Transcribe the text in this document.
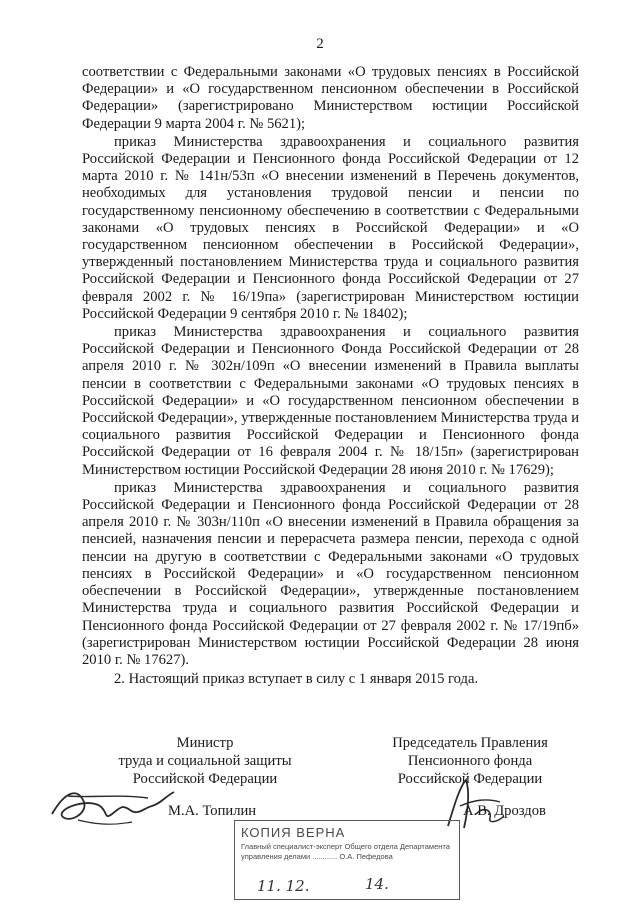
2

соответствии с Федеральными законами «О трудовых пенсиях в Российской Федерации» и «О государственном пенсионном обеспечении в Российской Федерации» (зарегистрировано Министерством юстиции Российской Федерации 9 марта 2004 г. № 5621);

приказ Министерства здравоохранения и социального развития Российской Федерации и Пенсионного фонда Российской Федерации от 12 марта 2010 г. № 141н/53п «О внесении изменений в Перечень документов, необходимых для установления трудовой пенсии и пенсии по государственному пенсионному обеспечению в соответствии с Федеральными законами «О трудовых пенсиях в Российской Федерации» и «О государственном пенсионном обеспечении в Российской Федерации», утвержденный постановлением Министерства труда и социального развития Российской Федерации и Пенсионного фонда Российской Федерации от 27 февраля 2002 г. № 16/19па» (зарегистрирован Министерством юстиции Российской Федерации 9 сентября 2010 г. № 18402);

приказ Министерства здравоохранения и социального развития Российской Федерации и Пенсионного Фонда Российской Федерации от 28 апреля 2010 г. № 302н/109п «О внесении изменений в Правила выплаты пенсии в соответствии с Федеральными законами «О трудовых пенсиях в Российской Федерации» и «О государственном пенсионном обеспечении в Российской Федерации», утвержденные постановлением Министерства труда и социального развития Российской Федерации и Пенсионного фонда Российской Федерации от 16 февраля 2004 г. № 18/15п» (зарегистрирован Министерством юстиции Российской Федерации 28 июня 2010 г. № 17629);

приказ Министерства здравоохранения и социального развития Российской Федерации и Пенсионного фонда Российской Федерации от 28 апреля 2010 г. № 303н/110п «О внесении изменений в Правила обращения за пенсией, назначения пенсии и перерасчета размера пенсии, перехода с одной пенсии на другую в соответствии с Федеральными законами «О трудовых пенсиях в Российской Федерации» и «О государственном пенсионном обеспечении в Российской Федерации», утвержденные постановлением Министерства труда и социального развития Российской Федерации и Пенсионного фонда Российской Федерации от 27 февраля 2002 г. № 17/19пб» (зарегистрирован Министерством юстиции Российской Федерации 28 июня 2010 г. № 17627).

2. Настоящий приказ вступает в силу с 1 января 2015 года.

Министр
труда и социальной защиты
Российской Федерации
Председатель Правления
Пенсионного фонда
Российской Федерации
М.А. Топилин	А.В. Дроздов
КОПИЯ ВЕРНА
Главный специалист-эксперт Общего отдела Департамента
управления делами ............ О.А. Пефедова
11. 12.	14.
